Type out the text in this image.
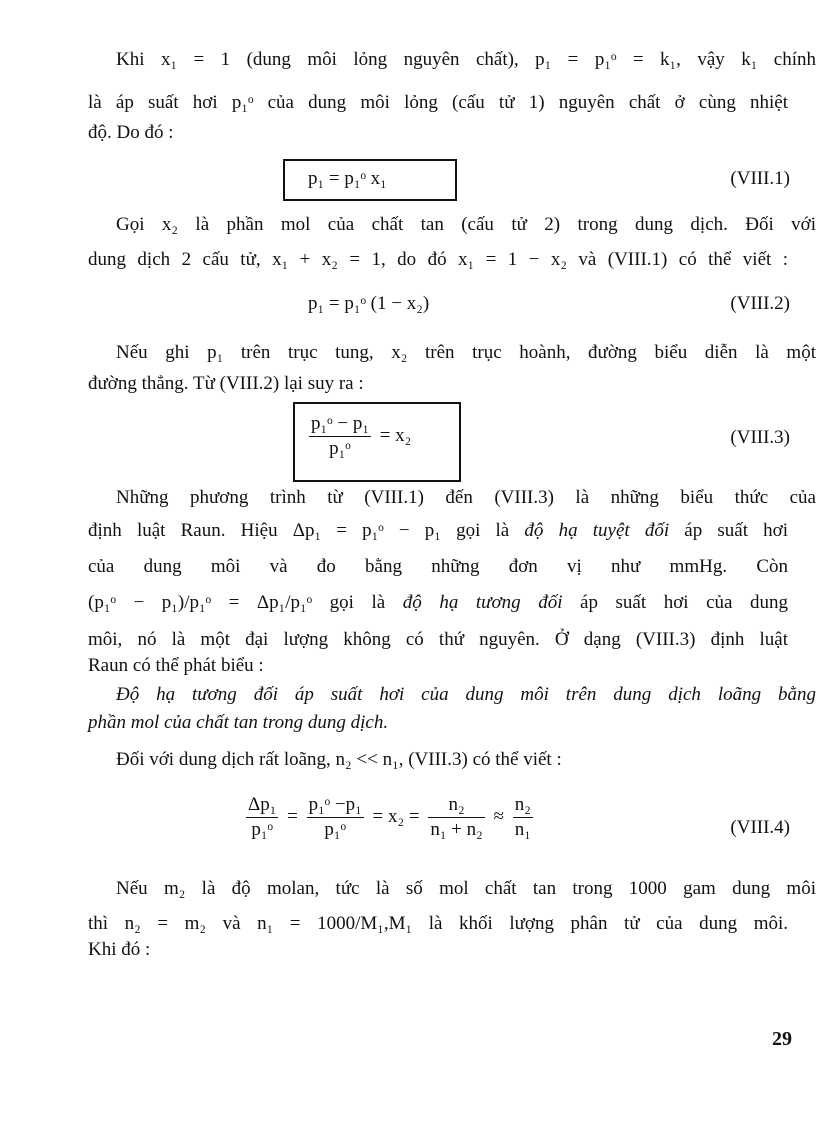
Khi x₁ = 1 (dung môi lỏng nguyên chất), p₁ = p₁ᵒ = k₁, vậy k₁ chính
là áp suất hơi p₁ᵒ của dung môi lỏng (cấu tử 1) nguyên chất ở cùng nhiệt
độ. Do đó :
p₁ = p₁ᵒ x₁	(VIII.1)
Gọi x₂ là phần mol của chất tan (cấu tử 2) trong dung dịch. Đối với
dung dịch 2 cấu tử, x₁ + x₂ = 1, do đó x₁ = 1 − x₂ và (VIII.1) có thể viết :
p₁ = p₁ᵒ (1 − x₂)	(VIII.2)
Nếu ghi p₁ trên trục tung, x₂ trên trục hoành, đường biểu diễn là một
đường thẳng. Từ (VIII.2) lại suy ra :
$\frac{\text{p₁ᵒ − p₁}}{\text{p₁ᵒ}} = x_2$	(VIII.3)
Những phương trình từ (VIII.1) đến (VIII.3) là những biểu thức của
định luật Raun. Hiệu Δp₁ = p₁ᵒ − p₁ gọi là độ hạ tuyệt đối áp suất hơi
của dung môi và đo bằng những đơn vị như mmHg. Còn
(p₁ᵒ − p₁)/p₁ᵒ = Δp₁/p₁ᵒ gọi là độ hạ tương đối áp suất hơi của dung
môi, nó là một đại lượng không có thứ nguyên. Ở dạng (VIII.3) định luật
Raun có thể phát biểu :
Độ hạ tương đối áp suất hơi của dung môi trên dung dịch loãng bằng
phần mol của chất tan trong dung dịch.
Đối với dung dịch rất loãng, n₂ << n₁, (VIII.3) có thể viết :
$\frac{\text{Δp₁}}{\text{p₁ᵒ}} = \frac{\text{p₁ᵒ −p₁}}{\text{p₁ᵒ}} = x_2 = \frac{\text{n₂}}{\text{n₁ + n₂}} \approx \frac{\text{n₂}}{\text{n₁}}$	(VIII.4)
Nếu m₂ là độ molan, tức là số mol chất tan trong 1000 gam dung môi
thì n₂ = m₂ và n₁ = 1000/M₁,M₁ là khối lượng phân tử của dung môi.
Khi đó :
29
